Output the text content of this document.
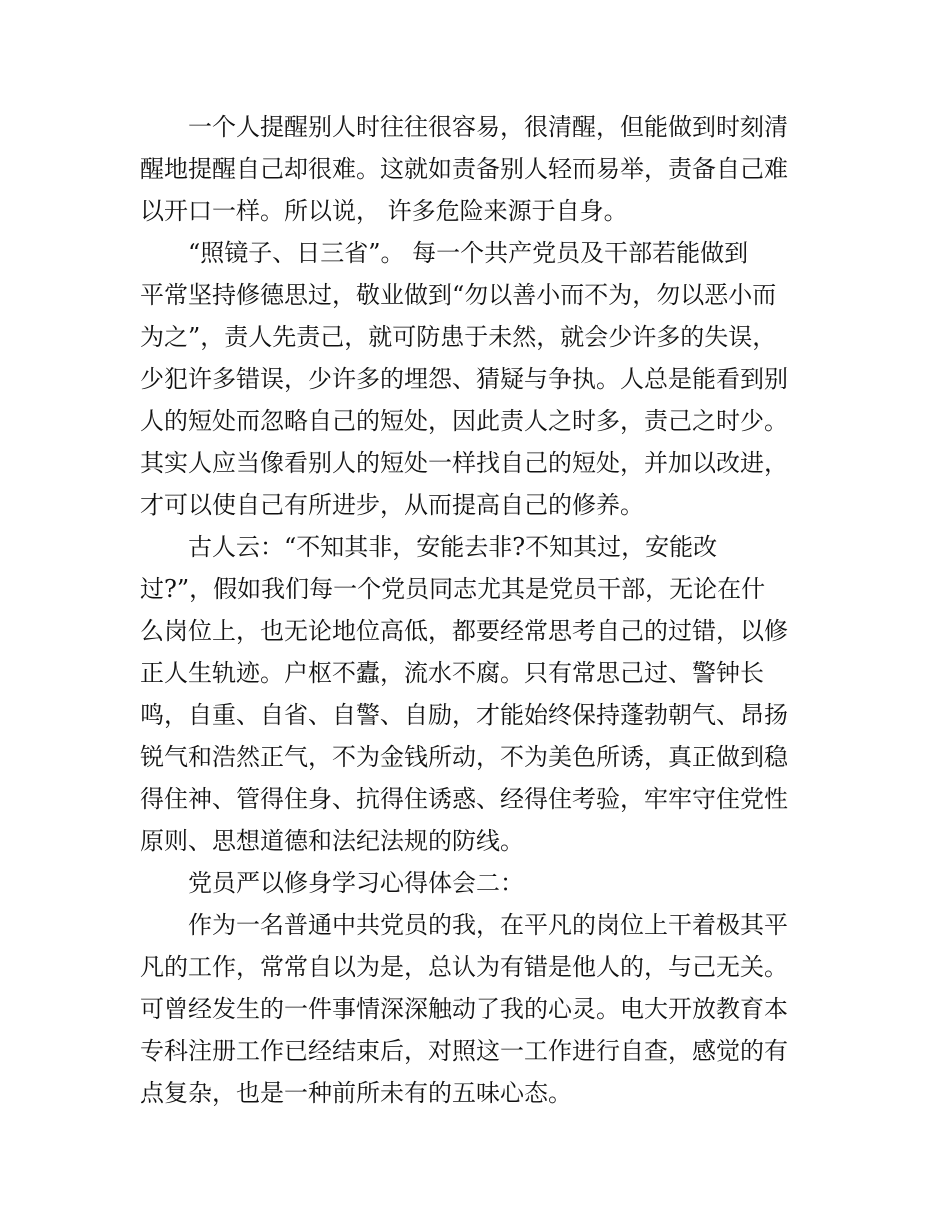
一个人提醒别人时往往很容易，很清醒，但能做到时刻清
醒地提醒自己却很难。这就如责备别人轻而易举，责备自己难
以开口一样。所以说， 许多危险来源于自身。

“照镜子、日三省”。 每一个共产党员及干部若能做到
平常坚持修德思过，敬业做到“勿以善小而不为，勿以恶小而
为之”，责人先责己，就可防患于未然，就会少许多的失误，
少犯许多错误，少许多的埋怨、猜疑与争执。人总是能看到别
人的短处而忽略自己的短处，因此责人之时多，责己之时少。
其实人应当像看别人的短处一样找自己的短处，并加以改进，
才可以使自己有所进步，从而提高自己的修养。

古人云：“不知其非，安能去非?不知其过，安能改
过?”，假如我们每一个党员同志尤其是党员干部，无论在什
么岗位上，也无论地位高低，都要经常思考自己的过错，以修
正人生轨迹。户枢不蠹，流水不腐。只有常思己过、警钟长
鸣，自重、自省、自警、自励，才能始终保持蓬勃朝气、昂扬
锐气和浩然正气，不为金钱所动，不为美色所诱，真正做到稳
得住神、管得住身、抗得住诱惑、经得住考验，牢牢守住党性
原则、思想道德和法纪法规的防线。

党员严以修身学习心得体会二：

作为一名普通中共党员的我，在平凡的岗位上干着极其平
凡的工作，常常自以为是，总认为有错是他人的，与己无关。
可曾经发生的一件事情深深触动了我的心灵。电大开放教育本
专科注册工作已经结束后，对照这一工作进行自查，感觉的有
点复杂，也是一种前所未有的五味心态。
